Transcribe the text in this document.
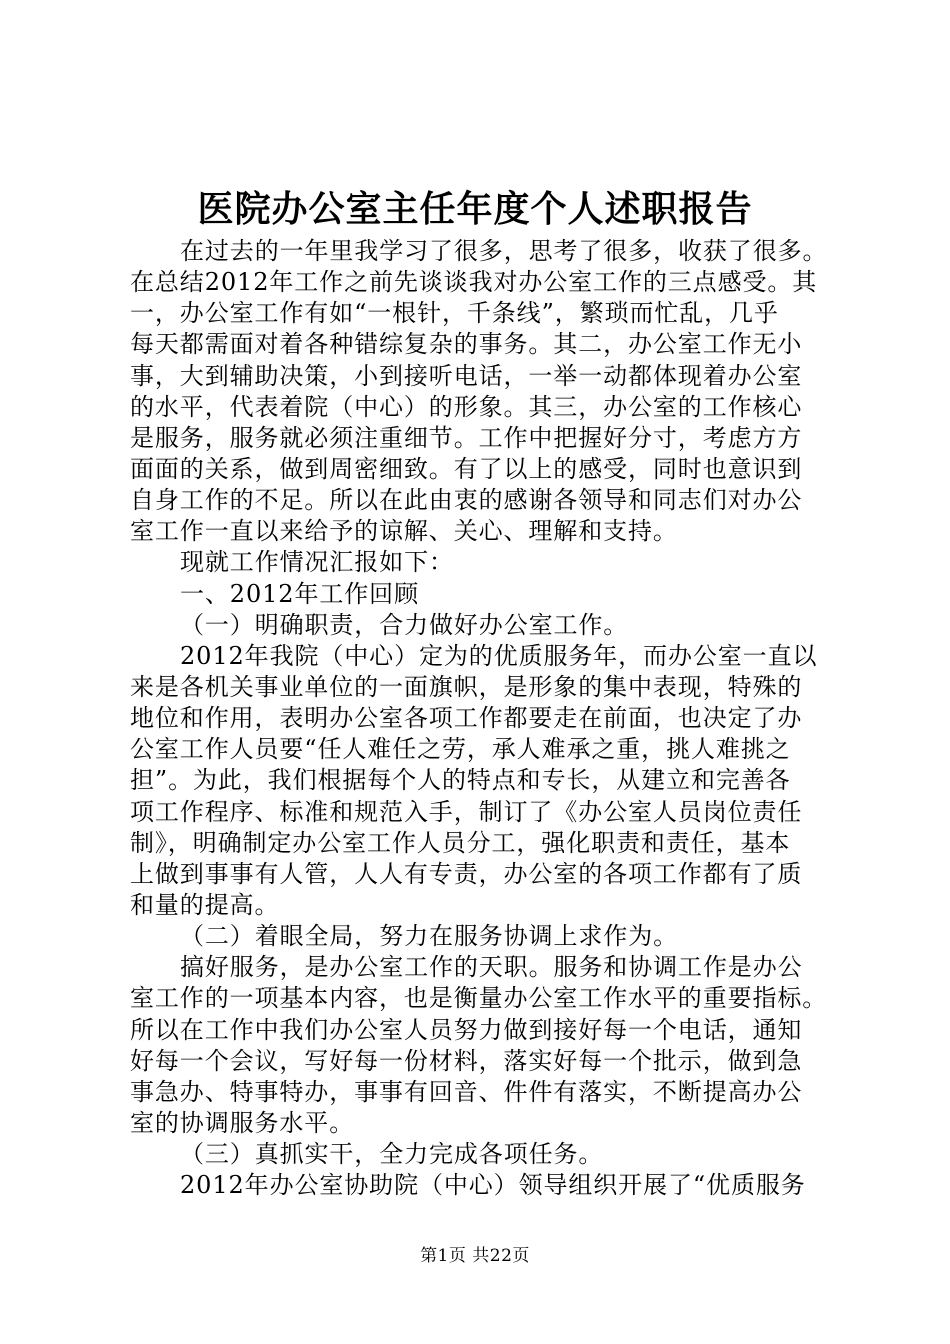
医院办公室主任年度个人述职报告
在过去的一年里我学习了很多，思考了很多，收获了很多。
在总结2012年工作之前先谈谈我对办公室工作的三点感受。其
一，办公室工作有如“一根针，千条线”，繁琐而忙乱，几乎
每天都需面对着各种错综复杂的事务。其二，办公室工作无小
事，大到辅助决策，小到接听电话，一举一动都体现着办公室
的水平，代表着院（中心）的形象。其三，办公室的工作核心
是服务，服务就必须注重细节。工作中把握好分寸，考虑方方
面面的关系，做到周密细致。有了以上的感受，同时也意识到
自身工作的不足。所以在此由衷的感谢各领导和同志们对办公
室工作一直以来给予的谅解、关心、理解和支持。
现就工作情况汇报如下：
一、2012年工作回顾
（一）明确职责，合力做好办公室工作。
2012年我院（中心）定为的优质服务年，而办公室一直以
来是各机关事业单位的一面旗帜，是形象的集中表现，特殊的
地位和作用，表明办公室各项工作都要走在前面，也决定了办
公室工作人员要“任人难任之劳，承人难承之重，挑人难挑之
担”。为此，我们根据每个人的特点和专长，从建立和完善各
项工作程序、标准和规范入手，制订了《办公室人员岗位责任
制》，明确制定办公室工作人员分工，强化职责和责任，基本
上做到事事有人管，人人有专责，办公室的各项工作都有了质
和量的提高。
（二）着眼全局，努力在服务协调上求作为。
搞好服务，是办公室工作的天职。服务和协调工作是办公
室工作的一项基本内容，也是衡量办公室工作水平的重要指标。
所以在工作中我们办公室人员努力做到接好每一个电话，通知
好每一个会议，写好每一份材料，落实好每一个批示，做到急
事急办、特事特办，事事有回音、件件有落实，不断提高办公
室的协调服务水平。
（三）真抓实干，全力完成各项任务。
2012年办公室协助院（中心）领导组织开展了“优质服务
第1页 共22页
